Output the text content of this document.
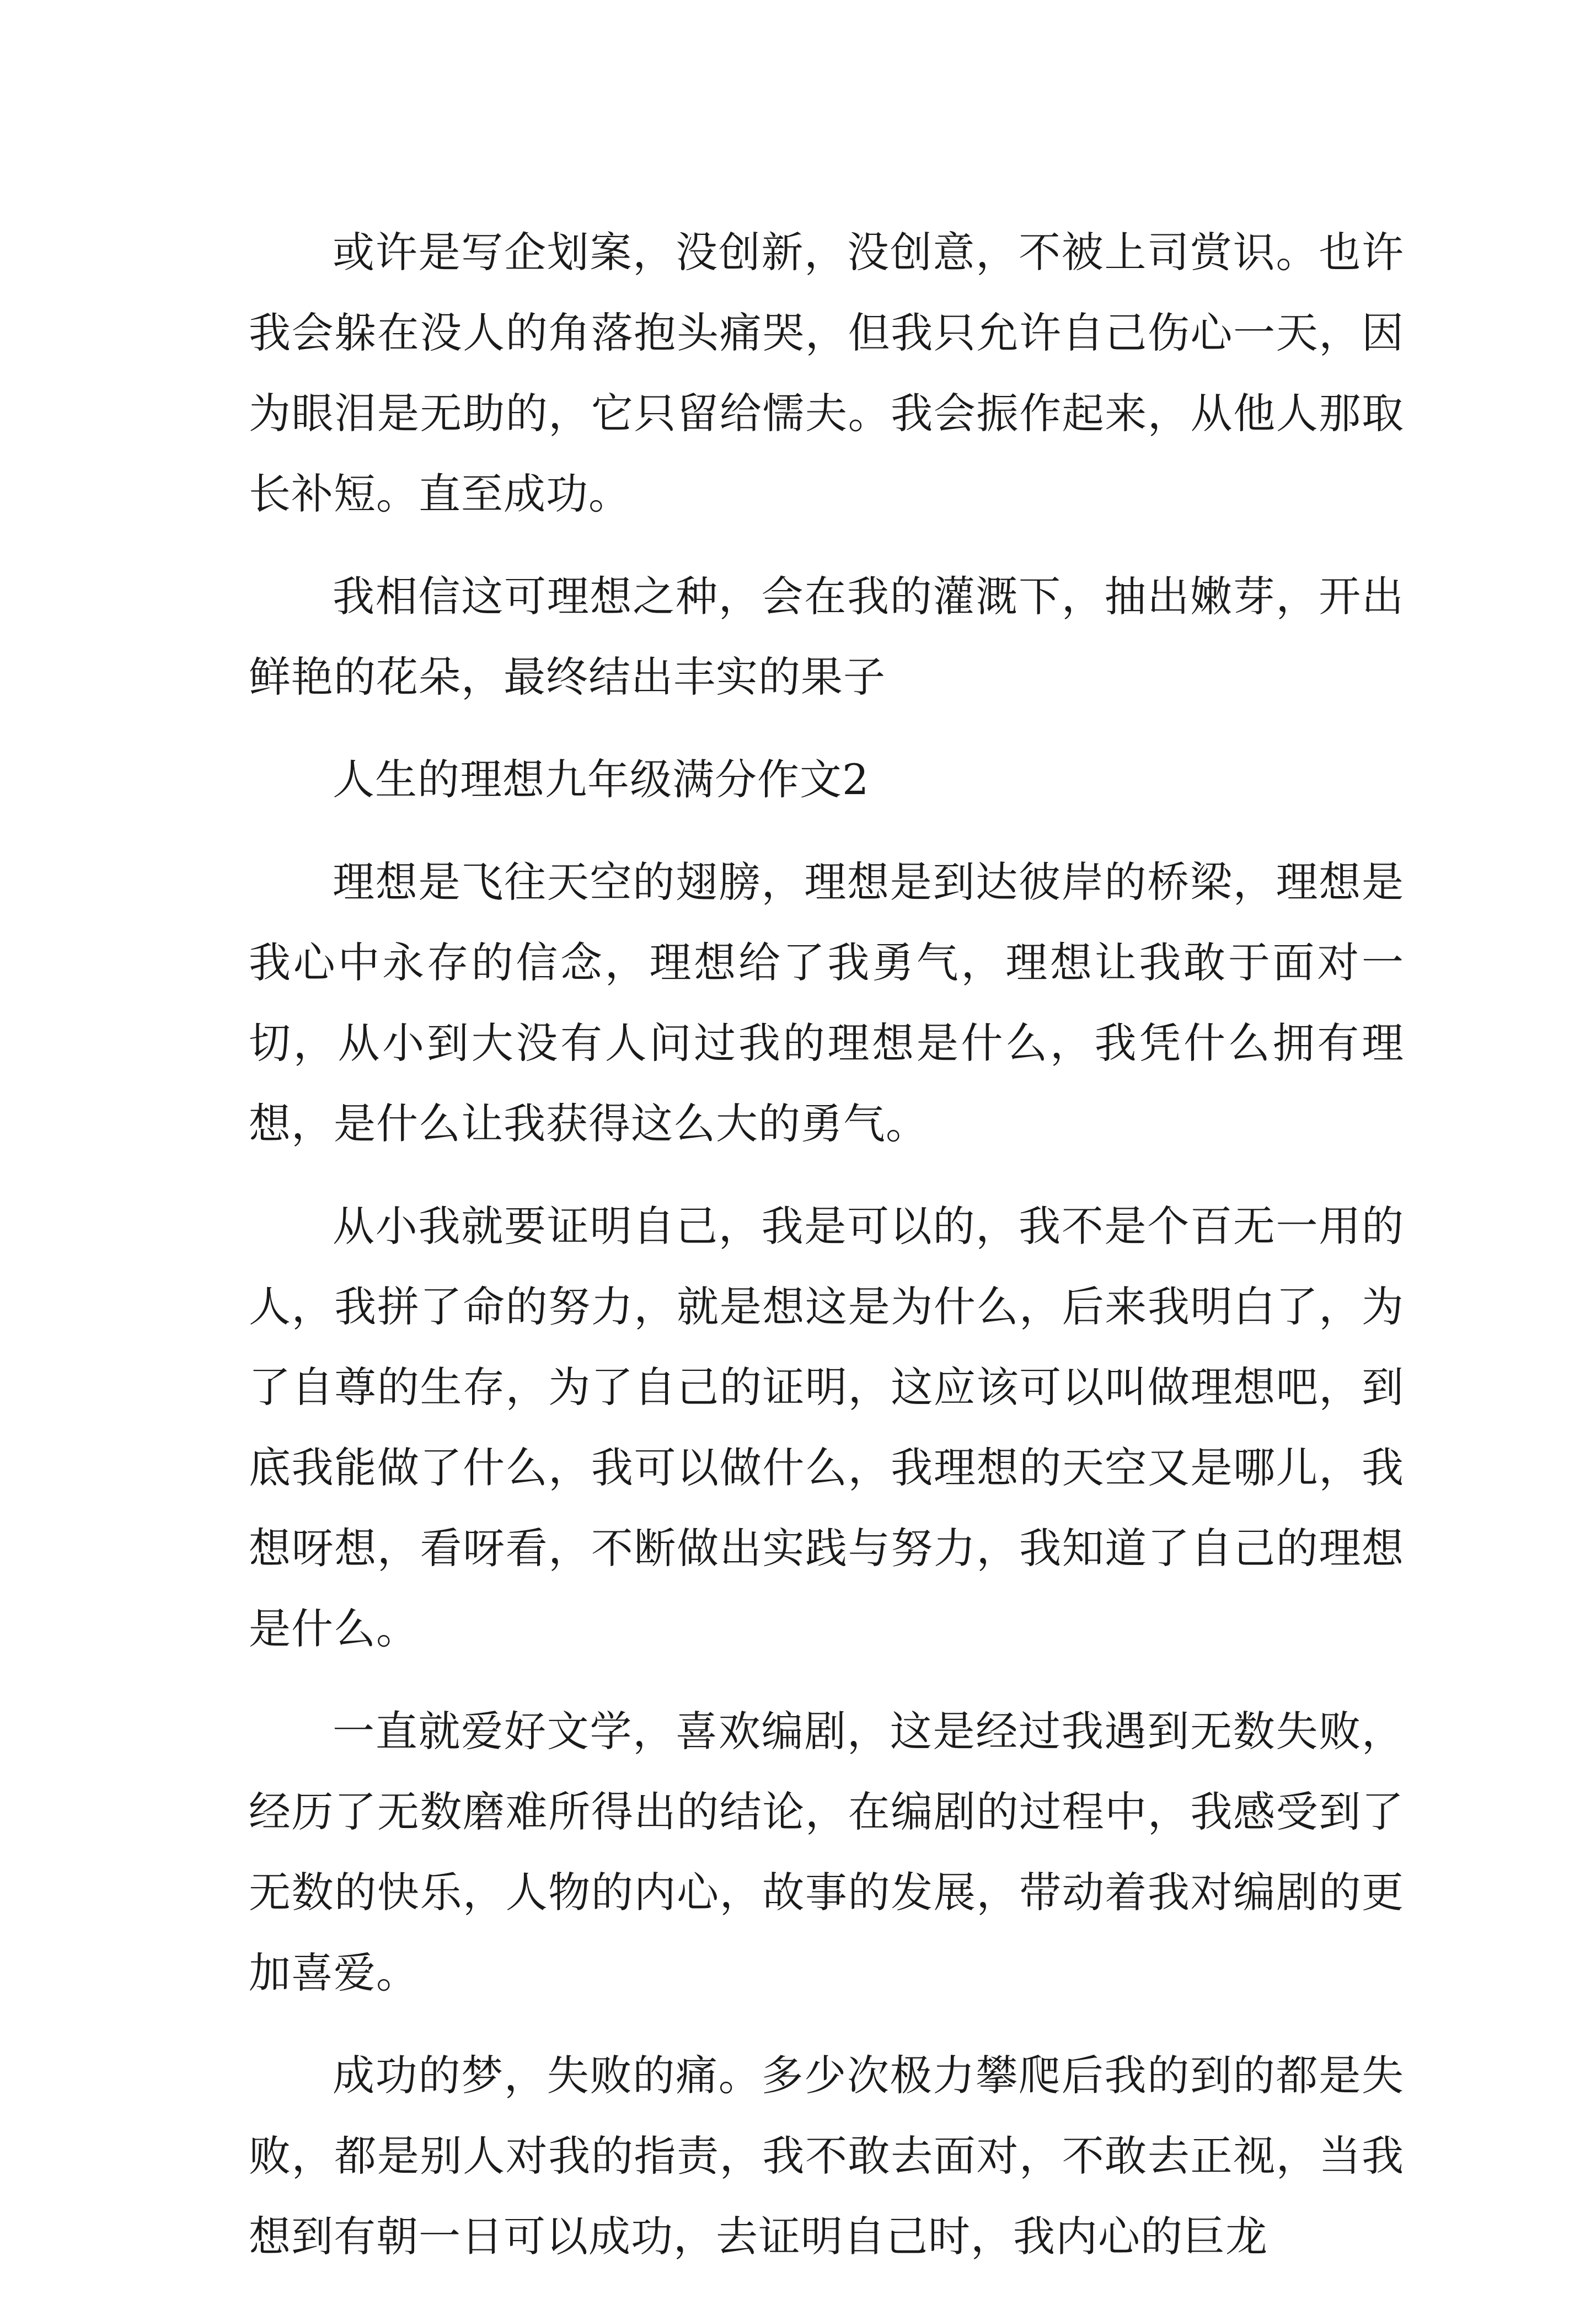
或许是写企划案，没创新，没创意，不被上司赏识。也许我会躲在没人的角落抱头痛哭，但我只允许自己伤心一天，因为眼泪是无助的，它只留给懦夫。我会振作起来，从他人那取长补短。直至成功。

我相信这可理想之种，会在我的灌溉下，抽出嫩芽，开出鲜艳的花朵，最终结出丰实的果子

人生的理想九年级满分作文2

理想是飞往天空的翅膀，理想是到达彼岸的桥梁，理想是我心中永存的信念，理想给了我勇气，理想让我敢于面对一切，从小到大没有人问过我的理想是什么，我凭什么拥有理想，是什么让我获得这么大的勇气。

从小我就要证明自己，我是可以的，我不是个百无一用的人，我拼了命的努力，就是想这是为什么，后来我明白了，为了自尊的生存，为了自己的证明，这应该可以叫做理想吧，到底我能做了什么，我可以做什么，我理想的天空又是哪儿，我想呀想，看呀看，不断做出实践与努力，我知道了自己的理想是什么。

一直就爱好文学，喜欢编剧，这是经过我遇到无数失败，经历了无数磨难所得出的结论，在编剧的过程中，我感受到了无数的快乐，人物的内心，故事的发展，带动着我对编剧的更加喜爱。

成功的梦，失败的痛。多少次极力攀爬后我的到的都是失败，都是别人对我的指责，我不敢去面对，不敢去正视，当我想到有朝一日可以成功，去证明自己时，我内心的巨龙
